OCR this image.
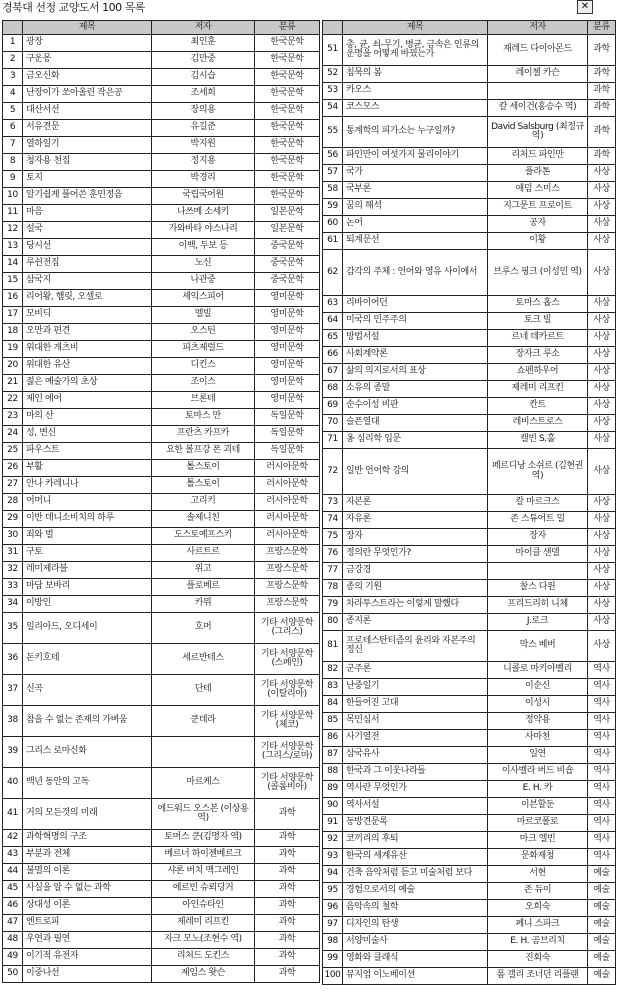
경북대 선정 교양도서 100 목록	✕
	제목	저자	분류
1	광장	최인훈	한국문학
2	구운몽	김만중	한국문학
3	금오신화	김시습	한국문학
4	난장이가 쏘아올린 작은공	조세희	한국문학
5	대산서선	장의용	한국문학
6	서유견문	유길준	한국문학
7	열하일기	박지원	한국문학
8	청자용 천집	정지용	한국문학
9	토지	박경리	한국문학
10	알기쉽게 풀어쓴 훈민정음	국립국어원	한국문학
11	마음	나쓰메 소세키	일본문학
12	설국	가와바타 야스나리	일본문학
13	당시선	이백, 두보 등	중국문학
14	루쉰전집	노신	중국문학
15	삼국지	나관중	중국문학
16	리어왕, 햄릿, 오셀로	셰익스피어	영미문학
17	모비딕	멜빌	영미문학
18	오만과 편견	오스틴	영미문학
19	위대한 개츠비	피츠제럴드	영미문학
20	위대한 유산	디킨스	영미문학
21	젊은 예술가의 초상	조이스	영미문학
22	제인 에어	브론테	영미문학
23	마의 산	토마스 만	독일문학
24	성, 변신	프란츠 카프카	독일문학
25	파우스트	요한 볼프강 폰 괴테	독일문학
26	부활	톨스토이	러시아문학
27	안나 카레니나	톨스토이	러시아문학
28	어머니	고리키	러시아문학
29	이반 데니소비치의 하루	솔제니친	러시아문학
30	죄와 벌	도스토예프스키	러시아문학
31	구토	사르트르	프랑스문학
32	레미제라블	위고	프랑스문학
33	마담 보바리	플로베르	프랑스문학
34	이방인	카뮈	프랑스문학
35	일리아드, 오디세이	호머	기타 서양문학 (그리스)
36	돈키호테	세르반테스	기타 서양문학 (스페인)
37	신곡	단테	기타 서양문학 (이탈리아)
38	참을 수 없는 존재의 가벼움	쿤데라	기타 서양문학 (체코)
39	그리스 로마신화		기타 서양문학 (그리스/로마)
40	백년 동안의 고독	마르케스	기타 서양문학 (콜롬비아)
41	거의 모든것의 미래	에드워드 오스본 (이상용 역)	과학
42	과학혁명의 구조	토머스 쿤(김명자 역)	과학
43	부분과 전체	베르너 하이젠베르크	과학
44	불멸의 이론	샤론 버치 맥그레인	과학
45	사실을 알 수 없는 과학	에르빈 슈뢰딩거	과학
46	상대성 이론	아인슈타인	과학
47	엔트로피	제레미 리프킨	과학
48	우연과 필연	자크 모노(조현수 역)	과학
49	이기적 유전자	리처드 도킨스	과학
50	이중나선	제임스 왓슨	과학
	제목	저자	분류
51	총, 균, 쇠-무기, 병균, 금속은 인류의 운명을 어떻게 바꿨는가	재레드 다이아몬드	과학
52	침묵의 봄	레이첼 카슨	과학
53	카오스		과학
54	코스모스	칼 세이건(홍승수 역)	과학
55	통계학의 피가소는 누구일까?	David Salsburg (최정규 역)	과학
56	파인만이 여섯가지 물리이야기	리처드 파인만	과학
57	국가	플라톤	사상
58	국부론	애덤 스미스	사상
59	꿈의 해석	지그문트 프로이트	사상
60	논어	공자	사상
61	퇴계문선	이황	사상
62	감각의 주체 : 언어와 영유 사이에서	브루스 핑크 (이성민 역)	사상
63	리바이어던	토마스 홉스	사상
64	미국의 민주주의	토크 빌	사상
65	방법서설	르네 데카르트	사상
66	사회계약론	장자크 루소	사상
67	삶의 의지로서의 표상	쇼펜하우어	사상
68	소유의 종말	제레미 리프킨	사상
69	순수이성 비판	칸트	사상
70	슬픈열대	레비스트로스	사상
71	옹 심리학 입문	캘빈 S.홀	사상
72	일반 언어학 강의	페르디낭 소쉬르 (김현권 역)	사상
73	자본론	칼 마르크스	사상
74	자유론	존 스튜어트 밀	사상
75	장자	장자	사상
76	정의란 무엇인가?	마이클 샌델	사상
77	금강경		사상
78	종의 기원	찰스 다윈	사상
79	차라투스트라는 이렇게 말했다	프리드리히 니체	사상
80	종지론	J.로크	사상
81	프로테스탄티즘의 윤리와 자본주의 정신	막스 베버	사상
82	군주론	니콜로 마키아벨리	역사
83	난중일기	이순신	역사
84	한들어진 고대	이성시	역사
85	목민심서	정약용	역사
86	사기열전	사마천	역사
87	삼국유사	일연	역사
88	한국과 그 이웃나라들	이사벨라 버드 비숍	역사
89	역사란 무엇인가	E. H. 카	역사
90	역사서설	이븐할둔	역사
91	동방견문록	마르코폴로	역사
92	코끼리의 후퇴	마크 엘빈	역사
93	한국의 세계유산	문화재청	역사
94	건축 음악처럼 듣고 미술처럼 보다	서현	예술
95	경험으로서의 예술	존 듀이	예술
96	음악속의 철학	오희숙	예술
97	디자인의 탄생	페니 스파크	예술
98	서양미술사	E. H. 곰브리치	예술
99	영화와 클래식	진회숙	예술
100	뮤지엄 이노베이션	폼 갤리 조너던 리플랜	예술
